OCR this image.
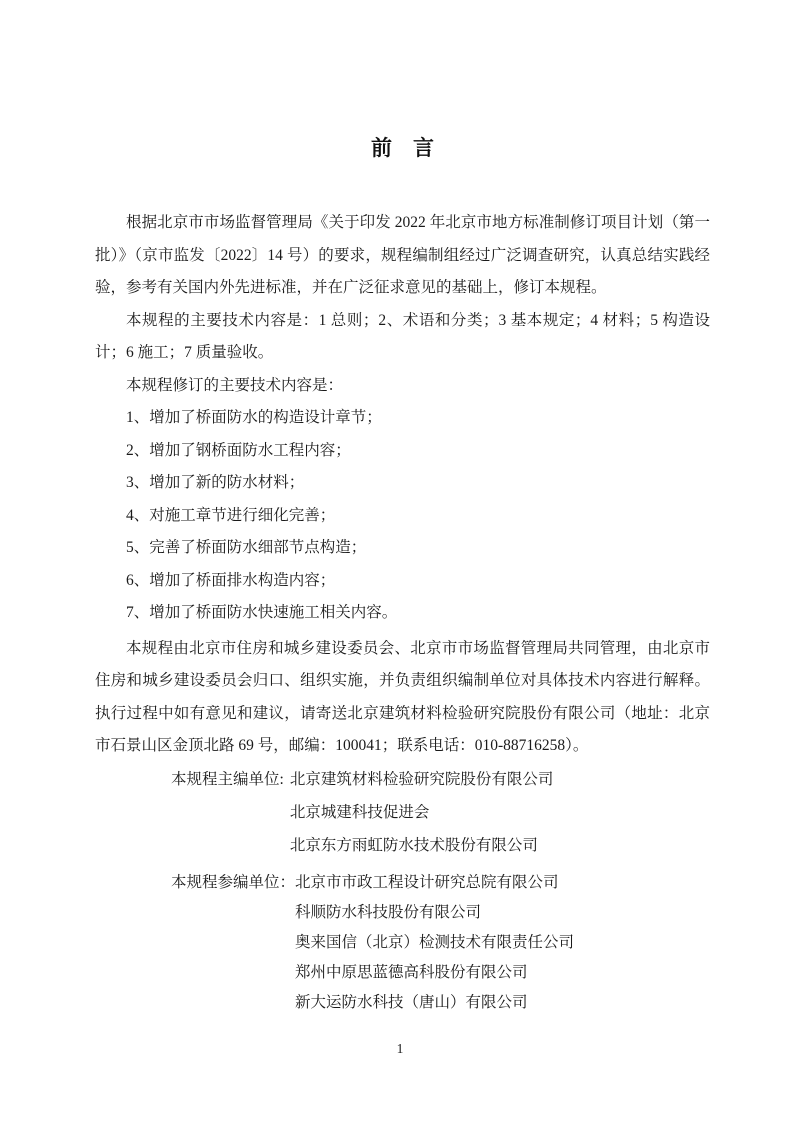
前　言

根据北京市市场监督管理局《关于印发 2022 年北京市地方标准制修订项目计划（第一批）》（京市监发〔2022〕14 号）的要求，规程编制组经过广泛调查研究，认真总结实践经验，参考有关国内外先进标准，并在广泛征求意见的基础上，修订本规程。

本规程的主要技术内容是：1 总则；2、术语和分类；3 基本规定；4 材料；5 构造设计；6 施工；7 质量验收。

本规程修订的主要技术内容是：

1、增加了桥面防水的构造设计章节；

2、增加了钢桥面防水工程内容；

3、增加了新的防水材料；

4、对施工章节进行细化完善；

5、完善了桥面防水细部节点构造；

6、增加了桥面排水构造内容；

7、增加了桥面防水快速施工相关内容。

本规程由北京市住房和城乡建设委员会、北京市市场监督管理局共同管理，由北京市住房和城乡建设委员会归口、组织实施，并负责组织编制单位对具体技术内容进行解释。执行过程中如有意见和建议，请寄送北京建筑材料检验研究院股份有限公司（地址：北京市石景山区金顶北路 69 号，邮编：100041；联系电话：010-88716258）。

本规程主编单位: 北京建筑材料检验研究院股份有限公司
北京城建科技促进会
北京东方雨虹防水技术股份有限公司
本规程参编单位： 北京市市政工程设计研究总院有限公司
科顺防水科技股份有限公司
奥来国信（北京）检测技术有限责任公司
郑州中原思蓝德高科股份有限公司
新大运防水科技（唐山）有限公司
1
